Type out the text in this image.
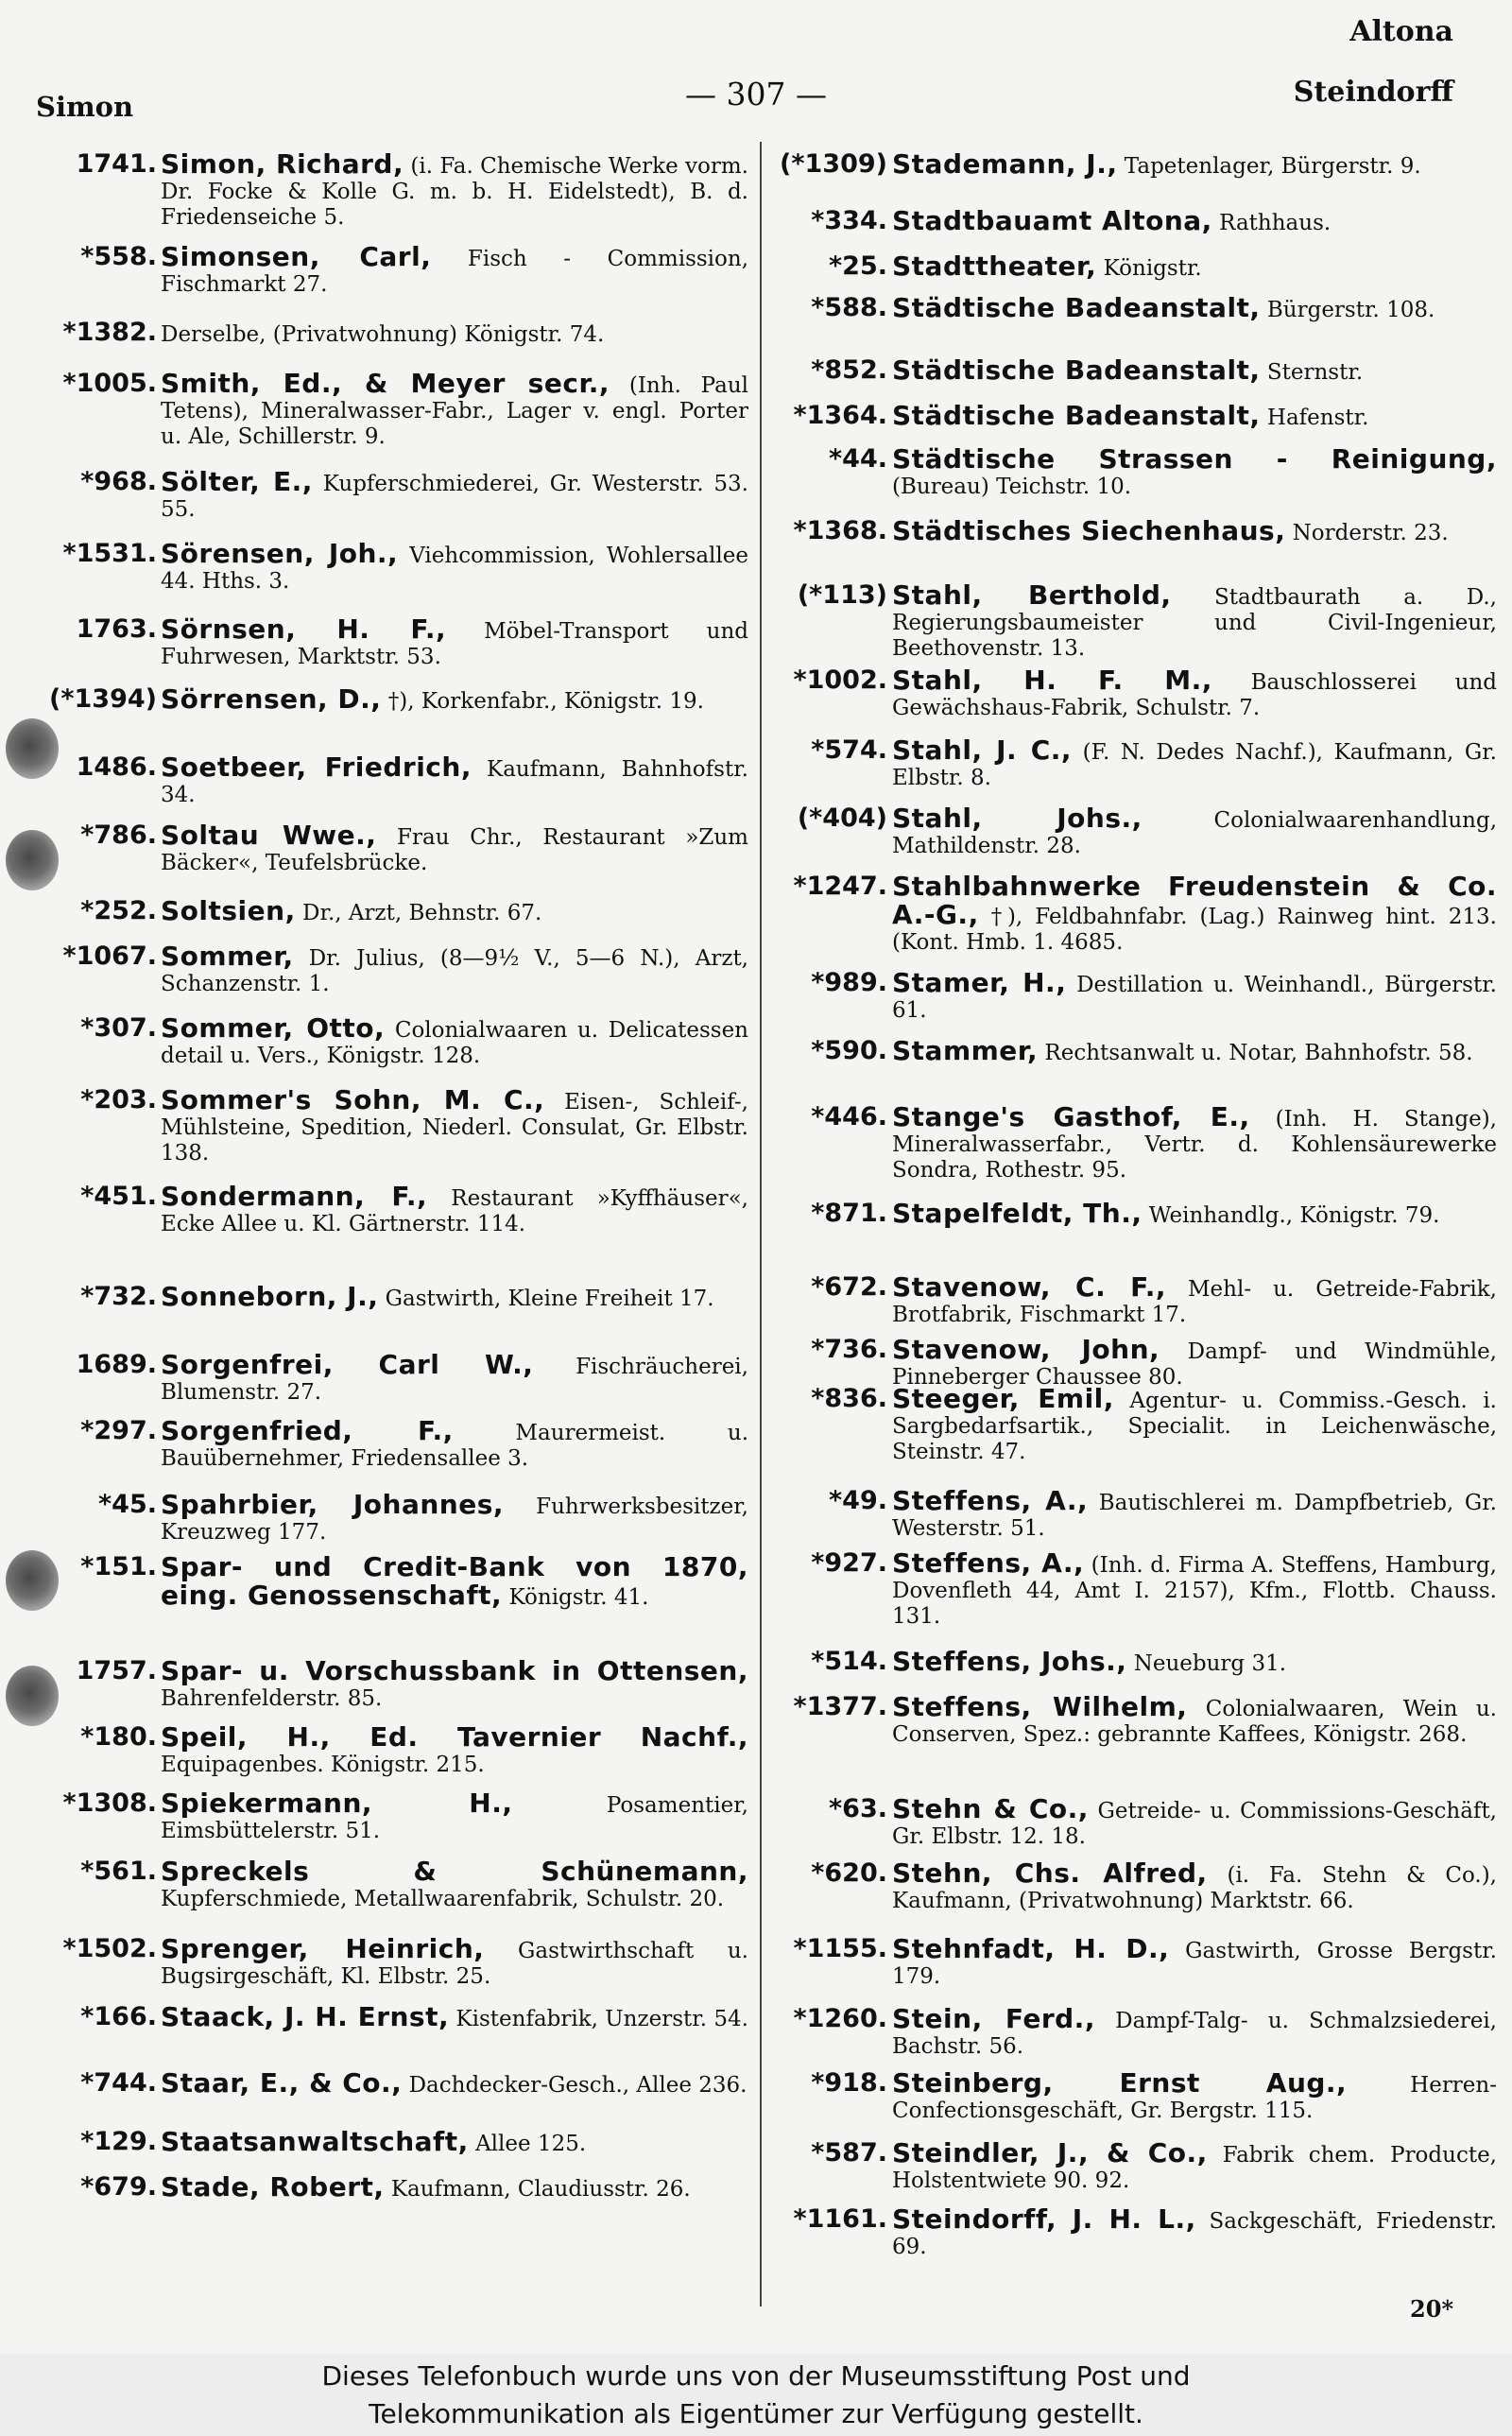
Simon	— 307 —
Altona
Steindorff
1741. Simon, Richard, (i. Fa. Chemische Werke vorm. Dr. Focke & Kolle G. m. b. H. Eidelstedt), B. d. Friedenseiche 5.
*558. Simonsen, Carl, Fisch - Commission, Fischmarkt 27.
*1382. Derselbe, (Privatwohnung) Königstr. 74.
*1005. Smith, Ed., & Meyer secr., (Inh. Paul Tetens), Mineralwasser-Fabr., Lager v. engl. Porter u. Ale, Schillerstr. 9.
*968. Sölter, E., Kupferschmiederei, Gr. Westerstr. 53. 55.
*1531. Sörensen, Joh., Viehcommission, Wohlersallee 44. Hths. 3.
1763. Sörnsen, H. F., Möbel-Transport und Fuhrwesen, Marktstr. 53.
(*1394) Sörrensen, D., †), Korkenfabr., Königstr. 19.
1486. Soetbeer, Friedrich, Kaufmann, Bahnhofstr. 34.
*786. Soltau Wwe., Frau Chr., Restaurant »Zum Bäcker«, Teufelsbrücke.
*252. Soltsien, Dr., Arzt, Behnstr. 67.
*1067. Sommer, Dr. Julius, (8—9½ V., 5—6 N.), Arzt, Schanzenstr. 1.
*307. Sommer, Otto, Colonialwaaren u. Delicatessen detail u. Vers., Königstr. 128.
*203. Sommer's Sohn, M. C., Eisen-, Schleif-, Mühlsteine, Spedition, Niederl. Consulat, Gr. Elbstr. 138.
*451. Sondermann, F., Restaurant »Kyffhäuser«, Ecke Allee u. Kl. Gärtnerstr. 114.
*732. Sonneborn, J., Gastwirth, Kleine Freiheit 17.
1689. Sorgenfrei, Carl W., Fischräucherei, Blumenstr. 27.
*297. Sorgenfried, F., Maurermeist. u. Bauübernehmer, Friedensallee 3.
*45. Spahrbier, Johannes, Fuhrwerksbesitzer, Kreuzweg 177.
*151. Spar- und Credit-Bank von 1870, eing. Genossenschaft, Königstr. 41.
1757. Spar- u. Vorschussbank in Ottensen, Bahrenfelderstr. 85.
*180. Speil, H., Ed. Tavernier Nachf., Equipagenbes. Königstr. 215.
*1308. Spiekermann, H., Posamentier, Eimsbüttelerstr. 51.
*561. Spreckels & Schünemann, Kupferschmiede, Metallwaarenfabrik, Schulstr. 20.
*1502. Sprenger, Heinrich, Gastwirthschaft u. Bugsirgeschäft, Kl. Elbstr. 25.
*166. Staack, J. H. Ernst, Kistenfabrik, Unzerstr. 54.
*744. Staar, E., & Co., Dachdecker-Gesch., Allee 236.
*129. Staatsanwaltschaft, Allee 125.
*679. Stade, Robert, Kaufmann, Claudiusstr. 26.
(*1309) Stademann, J., Tapetenlager, Bürgerstr. 9.
*334. Stadtbauamt Altona, Rathhaus.
*25. Stadttheater, Königstr.
*588. Städtische Badeanstalt, Bürgerstr. 108.
*852. Städtische Badeanstalt, Sternstr.
*1364. Städtische Badeanstalt, Hafenstr.
*44. Städtische Strassen - Reinigung, (Bureau) Teichstr. 10.
*1368. Städtisches Siechenhaus, Norderstr. 23.
(*113) Stahl, Berthold, Stadtbaurath a. D., Regierungsbaumeister und Civil-Ingenieur, Beethovenstr. 13.
*1002. Stahl, H. F. M., Bauschlosserei und Gewächshaus-Fabrik, Schulstr. 7.
*574. Stahl, J. C., (F. N. Dedes Nachf.), Kaufmann, Gr. Elbstr. 8.
(*404) Stahl, Johs., Colonialwaarenhandlung, Mathildenstr. 28.
*1247. Stahlbahnwerke Freudenstein & Co. A.-G., †), Feldbahnfabr. (Lag.) Rainweg hint. 213. (Kont. Hmb. 1. 4685.
*989. Stamer, H., Destillation u. Weinhandl., Bürgerstr. 61.
*590. Stammer, Rechtsanwalt u. Notar, Bahnhofstr. 58.
*446. Stange's Gasthof, E., (Inh. H. Stange), Mineralwasserfabr., Vertr. d. Kohlensäurewerke Sondra, Rothestr. 95.
*871. Stapelfeldt, Th., Weinhandlg., Königstr. 79.
*672. Stavenow, C. F., Mehl- u. Getreide-Fabrik, Brotfabrik, Fischmarkt 17.
*736. Stavenow, John, Dampf- und Windmühle, Pinneberger Chaussee 80.
*836. Steeger, Emil, Agentur- u. Commiss.-Gesch. i. Sargbedarfsartik., Specialit. in Leichenwäsche, Steinstr. 47.
*49. Steffens, A., Bautischlerei m. Dampfbetrieb, Gr. Westerstr. 51.
*927. Steffens, A., (Inh. d. Firma A. Steffens, Hamburg, Dovenfleth 44, Amt I. 2157), Kfm., Flottb. Chauss. 131.
*514. Steffens, Johs., Neueburg 31.
*1377. Steffens, Wilhelm, Colonialwaaren, Wein u. Conserven, Spez.: gebrannte Kaffees, Königstr. 268.
*63. Stehn & Co., Getreide- u. Commissions-Geschäft, Gr. Elbstr. 12. 18.
*620. Stehn, Chs. Alfred, (i. Fa. Stehn & Co.), Kaufmann, (Privatwohnung) Marktstr. 66.
*1155. Stehnfadt, H. D., Gastwirth, Grosse Bergstr. 179.
*1260. Stein, Ferd., Dampf-Talg- u. Schmalzsiederei, Bachstr. 56.
*918. Steinberg, Ernst Aug., Herren-Confectionsgeschäft, Gr. Bergstr. 115.
*587. Steindler, J., & Co., Fabrik chem. Producte, Holstentwiete 90. 92.
*1161. Steindorff, J. H. L., Sackgeschäft, Friedenstr. 69.
20*
Dieses Telefonbuch wurde uns von der Museumsstiftung Post und
Telekommunikation als Eigentümer zur Verfügung gestellt.
